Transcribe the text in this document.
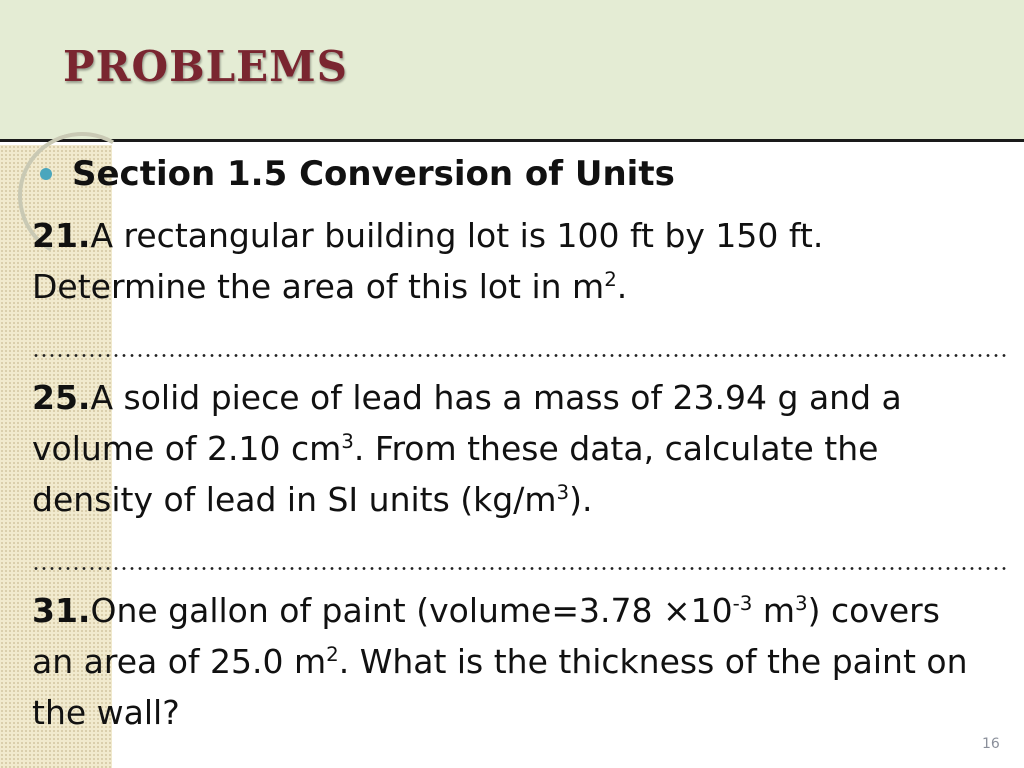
PROBLEMS
Section 1.5 Conversion of Units
21.A rectangular building lot is 100 ft by 150 ft.
Determine the area of this lot in $m^2$.
25.A solid piece of lead has a mass of 23.94 g and a
volume of 2.10 $cm^3$. From these data, calculate the
density of lead in SI units $(kg/m^3)$.
31.One gallon of paint (volume=3.78 $\times 10^{-3}$ $m^3$) covers
an area of 25.0 $m^2$. What is the thickness of the paint on
the wall?
16
